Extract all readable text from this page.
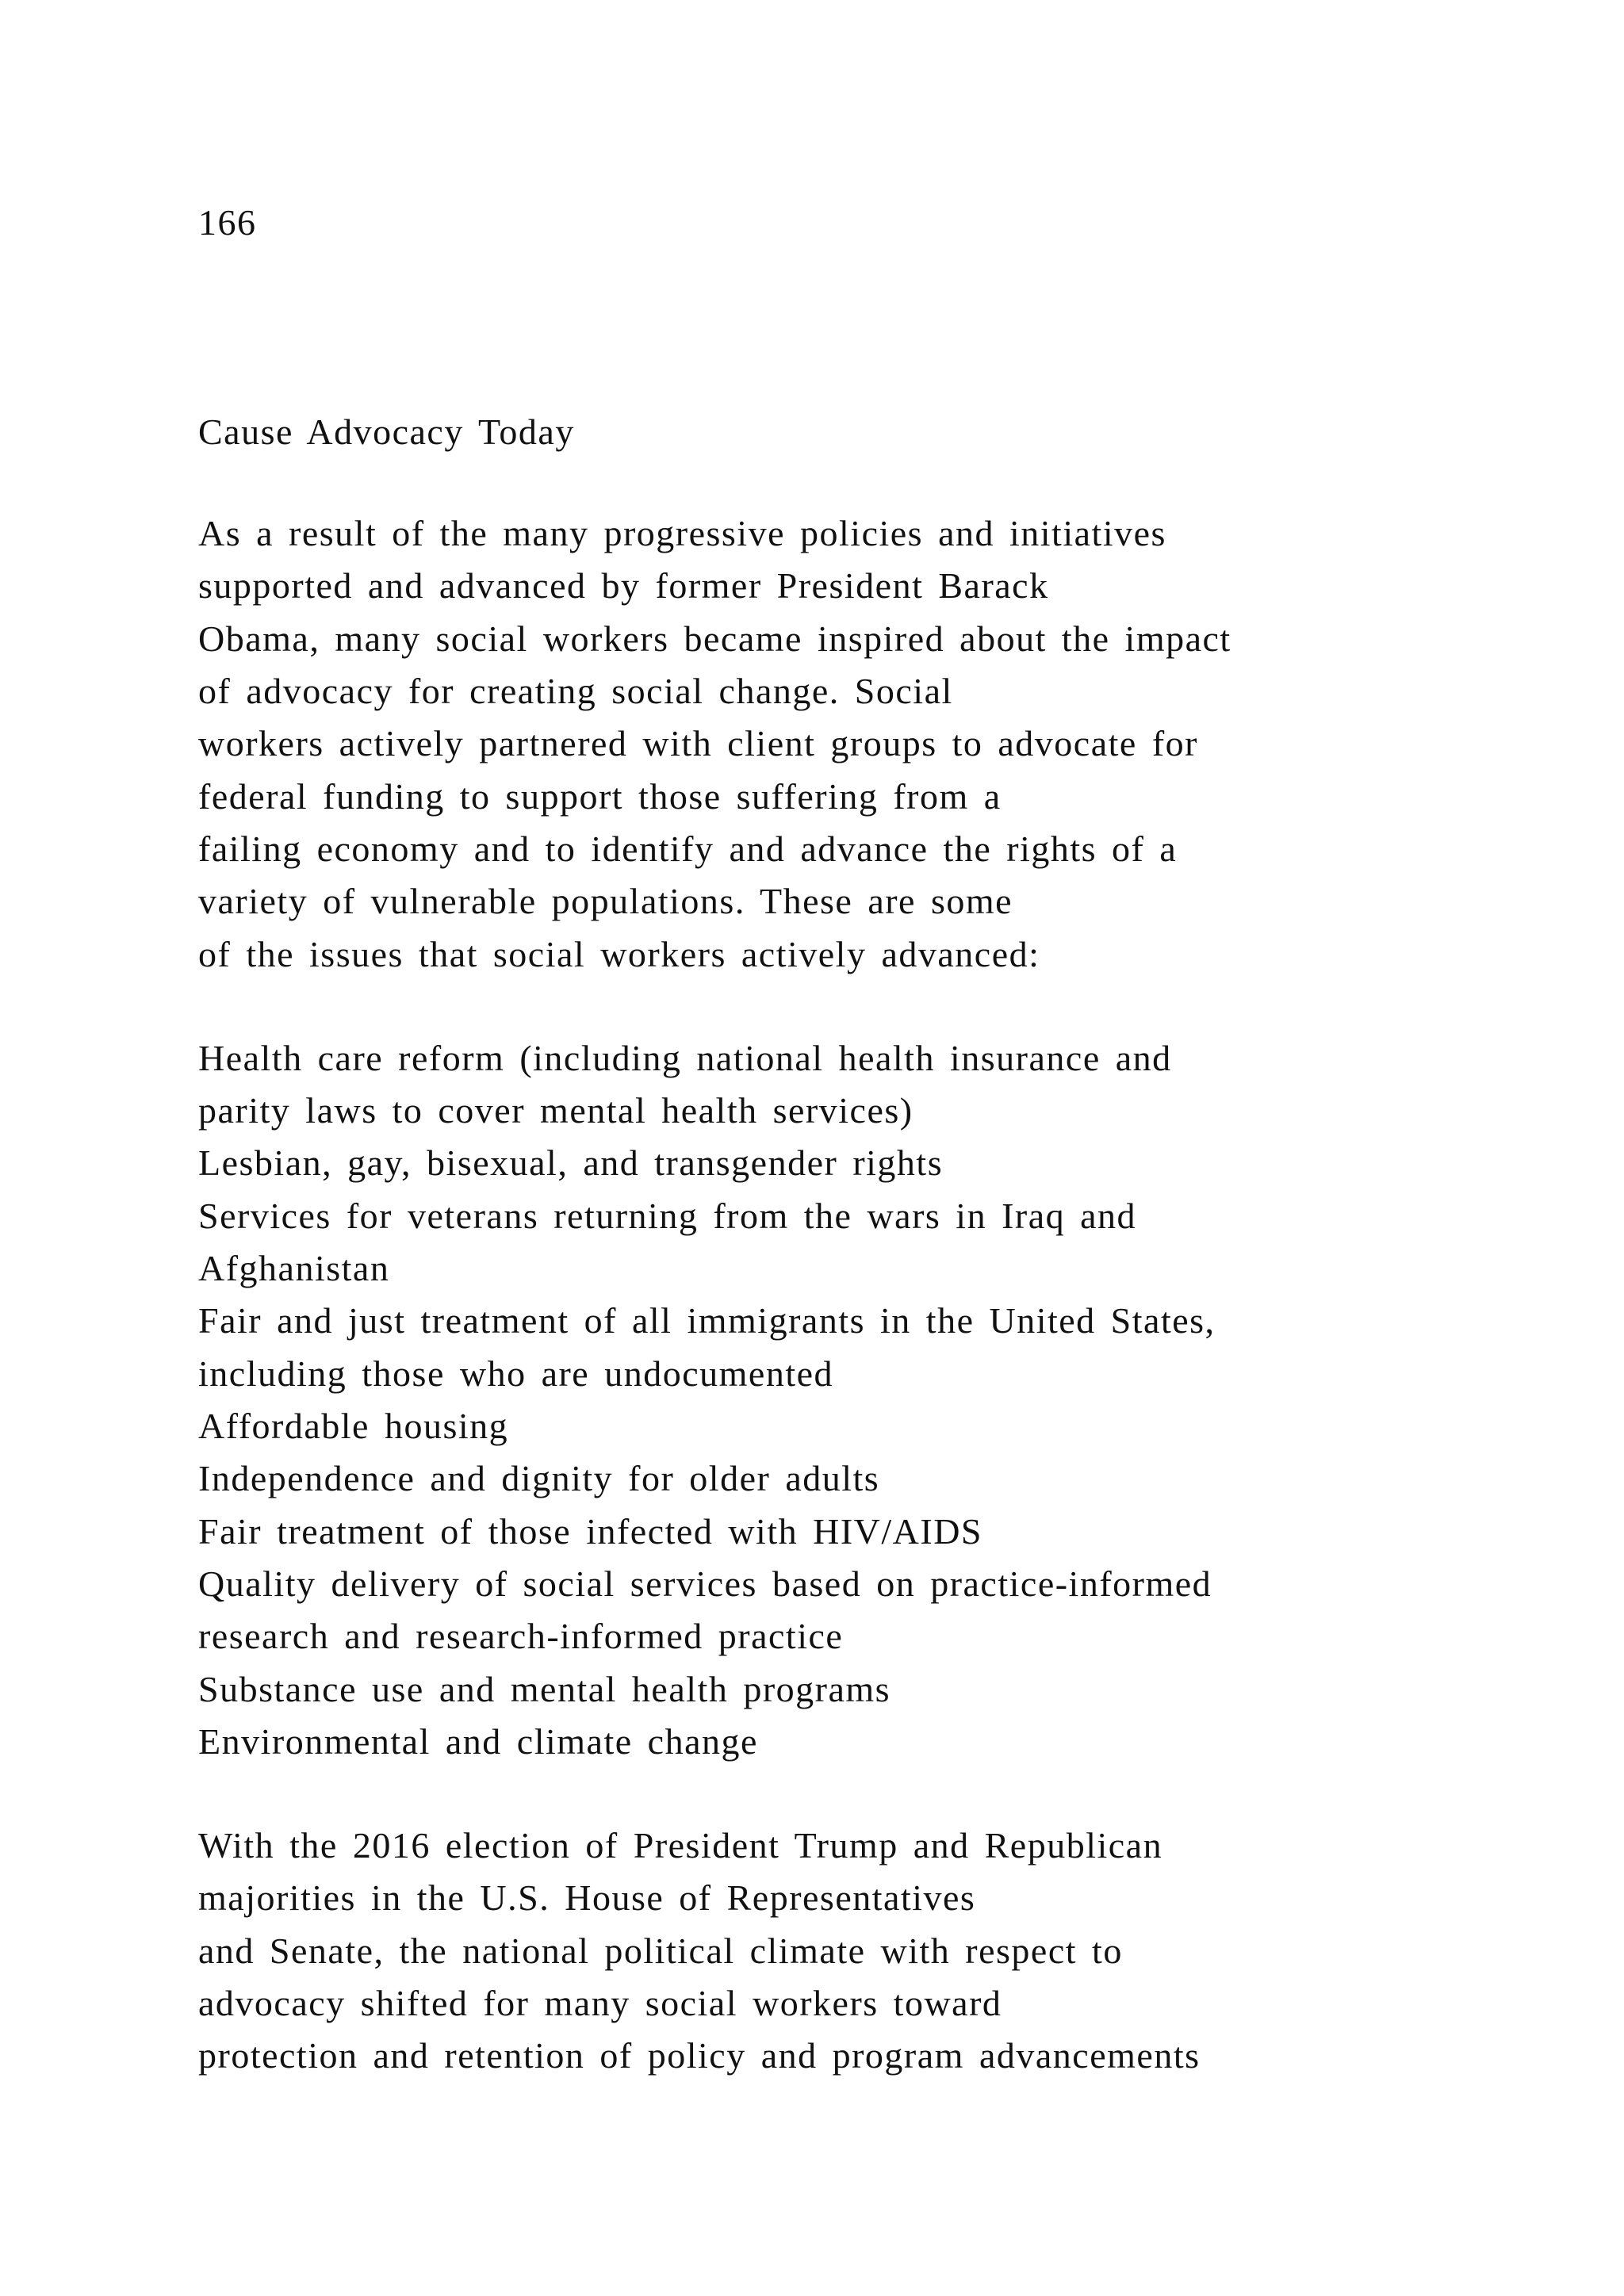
166
Cause Advocacy Today
As a result of the many progressive policies and initiatives
supported and advanced by former President Barack
Obama, many social workers became inspired about the impact
of advocacy for creating social change. Social
workers actively partnered with client groups to advocate for
federal funding to support those suffering from a
failing economy and to identify and advance the rights of a
variety of vulnerable populations. These are some
of the issues that social workers actively advanced:
Health care reform (including national health insurance and
parity laws to cover mental health services)
Lesbian, gay, bisexual, and transgender rights
Services for veterans returning from the wars in Iraq and
Afghanistan
Fair and just treatment of all immigrants in the United States,
including those who are undocumented
Affordable housing
Independence and dignity for older adults
Fair treatment of those infected with HIV/AIDS
Quality delivery of social services based on practice-informed
research and research-informed practice
Substance use and mental health programs
Environmental and climate change
With the 2016 election of President Trump and Republican
majorities in the U.S. House of Representatives
and Senate, the national political climate with respect to
advocacy shifted for many social workers toward
protection and retention of policy and program advancements
